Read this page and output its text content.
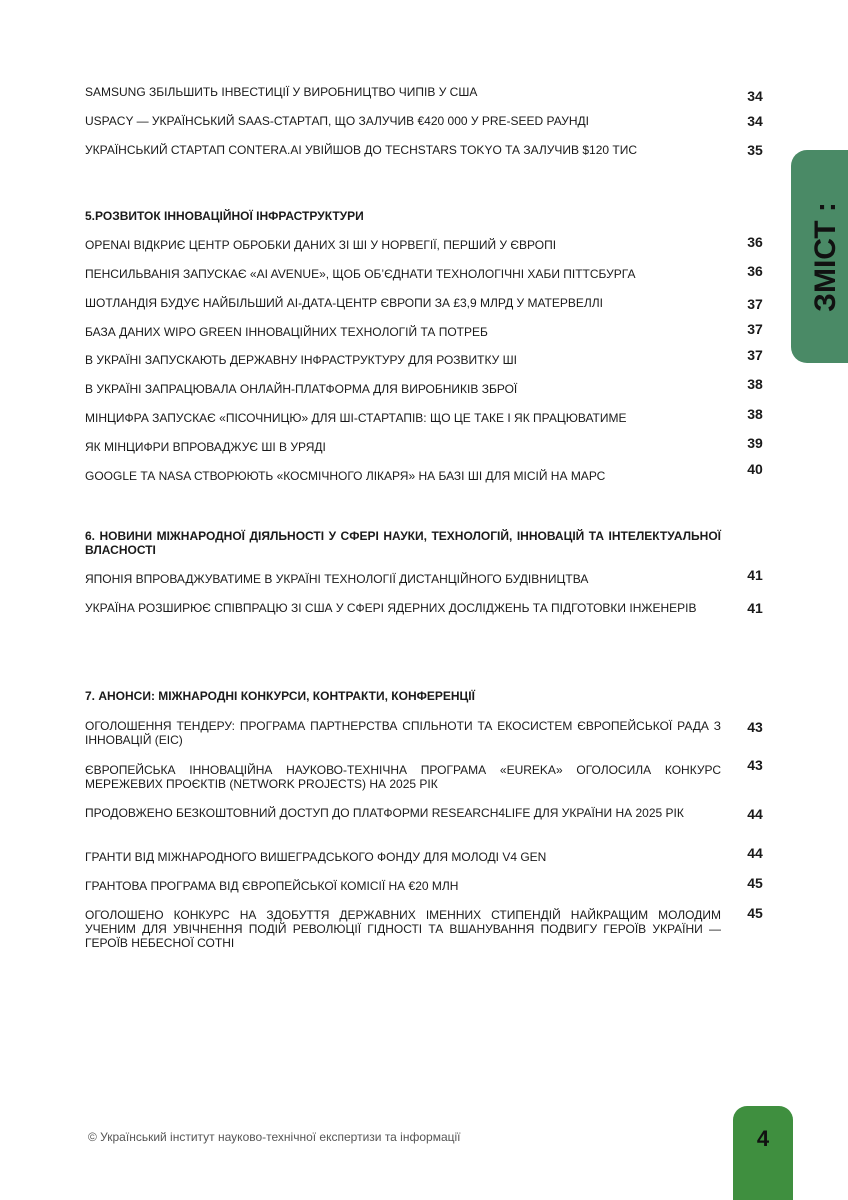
ЗМІСТ :
SAMSUNG ЗБІЛЬШИТЬ ІНВЕСТИЦІЇ У ВИРОБНИЦТВО ЧИПІВ У США	34
USPACY — УКРАЇНСЬКИЙ SAAS-СТАРТАП, ЩО ЗАЛУЧИВ €420 000 У PRE-SEED РАУНДІ	34
УКРАЇНСЬКИЙ СТАРТАП CONTERA.AI УВІЙШОВ ДО TECHSTARS TOKYO ТА ЗАЛУЧИВ $120 ТИС	35
5.РОЗВИТОК ІННОВАЦІЙНОЇ ІНФРАСТРУКТУРИ
OPENAI ВІДКРИЄ ЦЕНТР ОБРОБКИ ДАНИХ ЗІ ШІ У НОРВЕГІЇ, ПЕРШИЙ У ЄВРОПІ	36
ПЕНСИЛЬВАНІЯ ЗАПУСКАЄ «AI AVENUE», ЩОБ ОБ’ЄДНАТИ ТЕХНОЛОГІЧНІ ХАБИ ПІТТСБУРГА	36
ШОТЛАНДІЯ БУДУЄ НАЙБІЛЬШИЙ AI-ДАТА-ЦЕНТР ЄВРОПИ ЗА £3,9 МЛРД У МАТЕРВЕЛЛІ	37
БАЗА ДАНИХ WIPO GREEN ІННОВАЦІЙНИХ ТЕХНОЛОГІЙ ТА ПОТРЕБ	37
В УКРАЇНІ ЗАПУСКАЮТЬ ДЕРЖАВНУ ІНФРАСТРУКТУРУ ДЛЯ РОЗВИТКУ ШІ	37
В УКРАЇНІ ЗАПРАЦЮВАЛА ОНЛАЙН-ПЛАТФОРМА ДЛЯ ВИРОБНИКІВ ЗБРОЇ	38
МІНЦИФРА ЗАПУСКАЄ «ПІСОЧНИЦЮ» ДЛЯ ШІ-СТАРТАПІВ: ЩО ЦЕ ТАКЕ І ЯК ПРАЦЮВАТИМЕ	38
ЯК МІНЦИФРИ ВПРОВАДЖУЄ ШІ В УРЯДІ	39
GOOGLE ТА NASA СТВОРЮЮТЬ «КОСМІЧНОГО ЛІКАРЯ» НА БАЗІ ШІ ДЛЯ МІСІЙ НА МАРС	40
6. НОВИНИ МІЖНАРОДНОЇ ДІЯЛЬНОСТІ У СФЕРІ НАУКИ, ТЕХНОЛОГІЙ, ІННОВАЦІЙ ТА ІНТЕЛЕКТУАЛЬНОЇ ВЛАСНОСТІ
ЯПОНІЯ ВПРОВАДЖУВАТИМЕ В УКРАЇНІ ТЕХНОЛОГІЇ ДИСТАНЦІЙНОГО БУДІВНИЦТВА	41
УКРАЇНА РОЗШИРЮЄ СПІВПРАЦЮ ЗІ США У СФЕРІ ЯДЕРНИХ ДОСЛІДЖЕНЬ ТА ПІДГОТОВКИ ІНЖЕНЕРІВ	41
7. АНОНСИ: МІЖНАРОДНІ КОНКУРСИ, КОНТРАКТИ, КОНФЕРЕНЦІЇ
ОГОЛОШЕННЯ ТЕНДЕРУ: ПРОГРАМА ПАРТНЕРСТВА СПІЛЬНОТИ ТА ЕКОСИСТЕМ ЄВРОПЕЙСЬКОЇ РАДА З ІННОВАЦІЙ (EIC)
43
ЄВРОПЕЙСЬКА ІННОВАЦІЙНА НАУКОВО-ТЕХНІЧНА ПРОГРАМА «EUREKA» ОГОЛОСИЛА КОНКУРС МЕРЕЖЕВИХ ПРОЄКТІВ (NETWORK PROJECTS) НА 2025 РІК
43
ПРОДОВЖЕНО БЕЗКОШТОВНИЙ ДОСТУП ДО ПЛАТФОРМИ RESEARCH4LIFE ДЛЯ УКРАЇНИ НА 2025 РІК	44
ГРАНТИ ВІД МІЖНАРОДНОГО ВИШЕГРАДСЬКОГО ФОНДУ ДЛЯ МОЛОДІ V4 GEN	44
ГРАНТОВА ПРОГРАМА ВІД ЄВРОПЕЙСЬКОЇ КОМІСІЇ НА €20 МЛН	45
ОГОЛОШЕНО КОНКУРС НА ЗДОБУТТЯ ДЕРЖАВНИХ ІМЕННИХ СТИПЕНДІЙ НАЙКРАЩИМ МОЛОДИМ УЧЕНИМ ДЛЯ УВІЧНЕННЯ ПОДІЙ РЕВОЛЮЦІЇ ГІДНОСТІ ТА ВШАНУВАННЯ ПОДВИГУ ГЕРОЇВ УКРАЇНИ — ГЕРОЇВ НЕБЕСНОЇ СОТНІ
45
© Український інститут науково-технічної експертизи та інформації	4
